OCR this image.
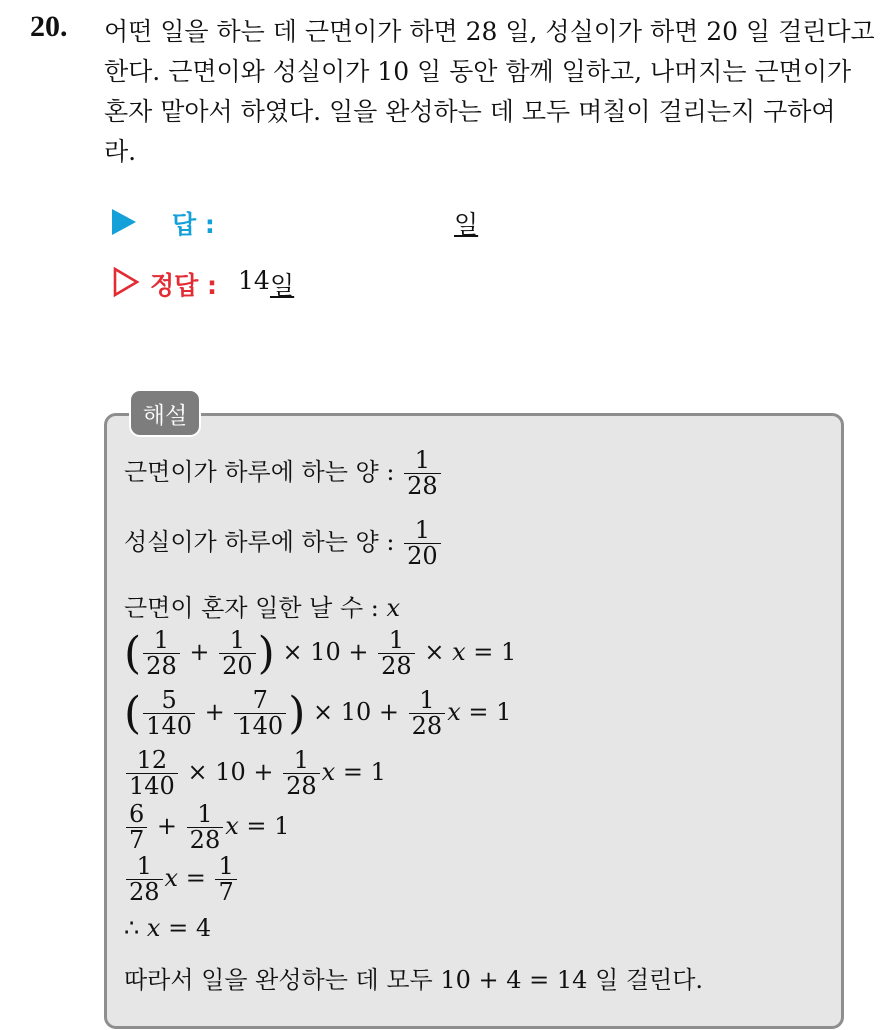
20. 어떤 일을 하는 데 근면이가 하면 28 일, 성실이가 하면 20 일 걸린다고
한다. 근면이와 성실이가 10 일 동안 함께 일하고, 나머지는 근면이가
혼자 맡아서 하였다. 일을 완성하는 데 모두 며칠이 걸리는지 구하여
라.
답 :	일
정답 : 14 일
해설
근면이가 하루에 하는 양 : $\frac{1}{28}$
성실이가 하루에 하는 양 : $\frac{1}{20}$
근면이 혼자 일한 날 수 : x
( $\frac{1}{28} + \frac{1}{20}$ ) × $10 + \frac{1}{28} \times x = 1$
( $\frac{5}{140} + \frac{7}{140}$ ) × $10 + \frac{1}{28}$ x = 1
$\frac{12}{140} \times 10 + \frac{1}{28}$ x = 1
$\frac{6}{7} + \frac{1}{28}$ x = 1
$\frac{1}{28}$ $x = \frac{1}{7}$
∴ x = 4
따라서 일을 완성하는 데 모두 10 + 4 = 14 일 걸린다.
